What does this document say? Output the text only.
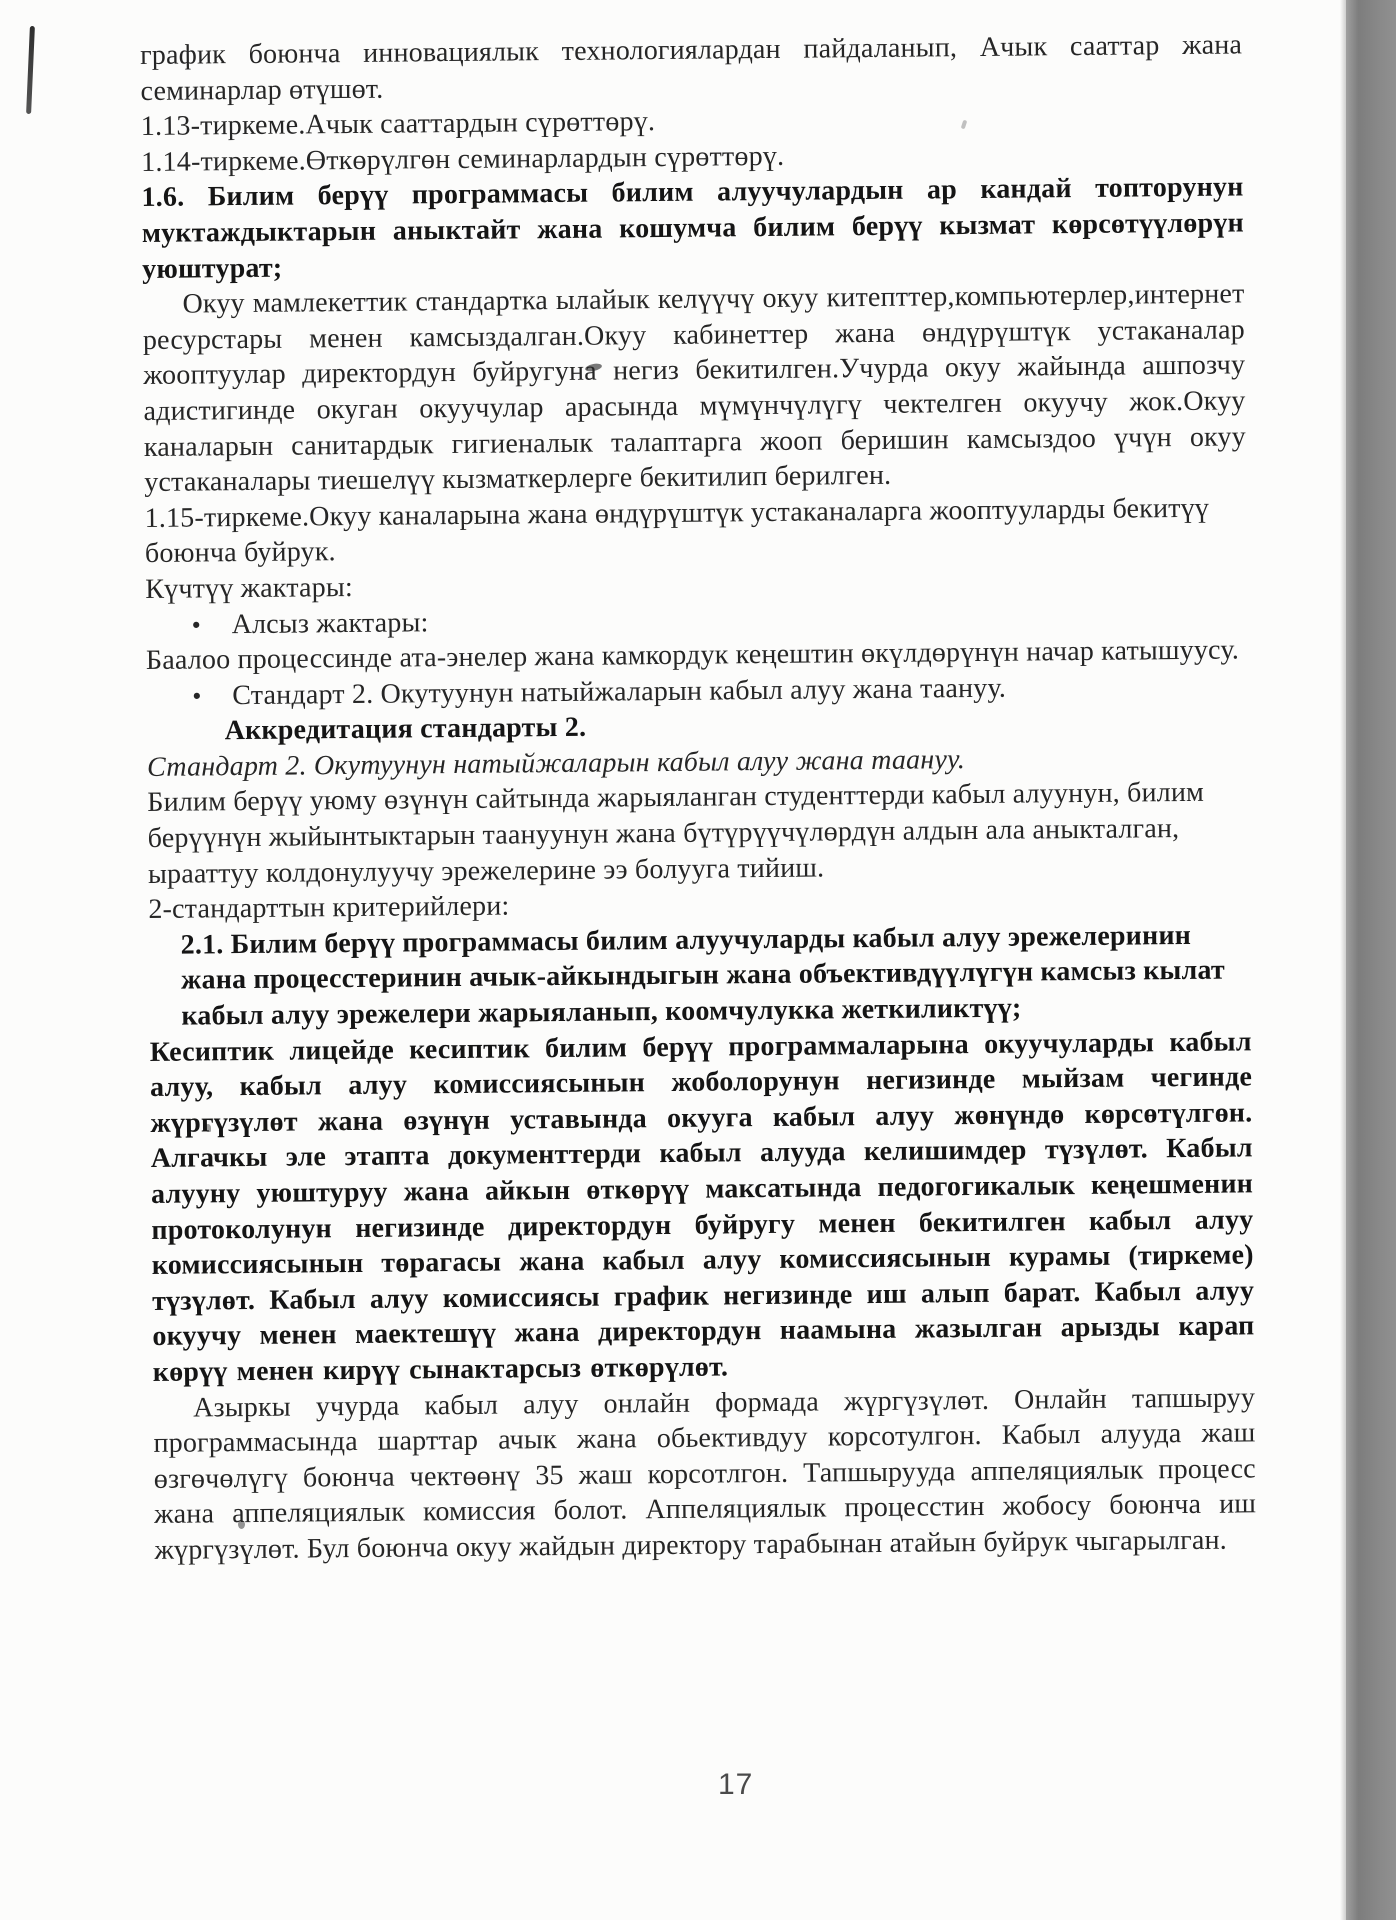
график боюнча инновациялык технологиялардан пайдаланып, Ачык сааттар жана семинарлар өтүшөт.
1.13-тиркеме.Ачык сааттардын сүрөттөрү.
1.14-тиркеме.Өткөрүлгөн семинарлардын сүрөттөрү.
1.6. Билим берүү программасы билим алуучулардын ар кандай топторунун муктаждыктарын аныктайт жана кошумча билим берүү кызмат көрсөтүүлөрүн уюштурат;
Окуу мамлекеттик стандартка ылайык келүүчү окуу китепттер,компьютерлер,интернет ресурстары менен камсыздалган.Окуу кабинеттер жана өндүрүштүк устаканалар жооптуулар директордун буйругуна негиз бекитилген.Учурда окуу жайында ашпозчу адистигинде окуган окуучулар арасында мүмүнчүлүгү чектелген окуучу жок.Окуу каналарын санитардык гигиеналык талаптарга жооп беришин камсыздоо үчүн окуу устаканалары тиешелүү кызматкерлерге бекитилип берилген.
1.15-тиркеме.Окуу каналарына жана өндүрүштүк устаканаларга жооптууларды бекитүү боюнча буйрук.
Күчтүү жактары:
•	Алсыз жактары:
Баалоо процессинде ата-энелер жана камкордук кеңештин өкүлдөрүнүн начар катышуусу.
•	Стандарт 2. Окутуунун натыйжаларын кабыл алуу жана таануу.
Аккредитация стандарты 2.
Стандарт 2. Окутуунун натыйжаларын кабыл алуу жана таануу.
Билим берүү уюму өзүнүн сайтында жарыяланган студенттерди кабыл алуунун, билим берүүнүн жыйынтыктарын таануунун жана бүтүрүүчүлөрдүн алдын ала аныкталган, ырааттуу колдонулуучу эрежелерине ээ болууга тийиш.
2-стандарттын критерийлери:
2.1. Билим берүү программасы билим алуучуларды кабыл алуу эрежелеринин жана процесстеринин ачык-айкындыгын жана объективдүүлүгүн камсыз кылат кабыл алуу эрежелери жарыяланып, коомчулукка жеткиликтүү;
Кесиптик лицейде кесиптик билим берүү программаларына окуучуларды кабыл алуу, кабыл алуу комиссиясынын жоболорунун негизинде мыйзам чегинде жүргүзүлөт жана өзүнүн уставында окууга кабыл алуу жөнүндө көрсөтүлгөн. Алгачкы эле этапта документтерди кабыл алууда келишимдер түзүлөт. Кабыл алууну уюштуруу жана айкын өткөрүү максатында педогогикалык кеңешменин протоколунун негизинде директордун буйругу менен бекитилген кабыл алуу комиссиясынын төрагасы жана кабыл алуу комиссиясынын курамы (тиркеме) түзүлөт. Кабыл алуу комиссиясы график негизинде иш алып барат. Кабыл алуу окуучу менен маектешүү жана директордун наамына жазылган арызды карап көрүү менен кирүү сынактарсыз өткөрүлөт.
Азыркы учурда кабыл алуу онлайн формада жүргүзүлөт. Онлайн тапшыруу программасында шарттар ачык жана обьективдуу корсотулгон. Кабыл алууда жаш өзгөчөлүгү боюнча чектөөнү 35 жаш корсотлгон. Тапшырууда аппеляциялык процесс жана аппеляциялык комиссия болот. Аппеляциялык процесстин жобосу боюнча иш жүргүзүлөт. Бул боюнча окуу жайдын директору тарабынан атайын буйрук чыгарылган.
17
